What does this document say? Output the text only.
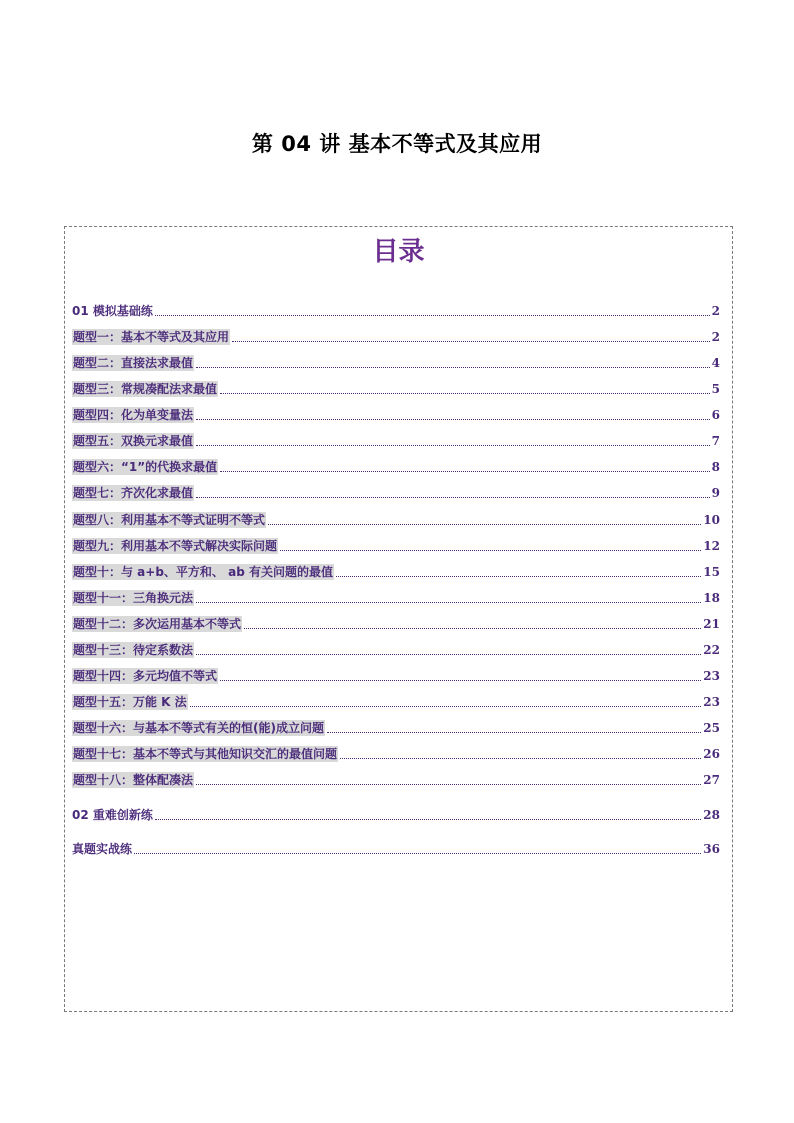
第 04 讲 基本不等式及其应用
目录
01 模拟基础练	2
题型一：基本不等式及其应用	2
题型二：直接法求最值	4
题型三：常规凑配法求最值	5
题型四：化为单变量法	6
题型五：双换元求最值	7
题型六：“1”的代换求最值	8
题型七：齐次化求最值	9
题型八：利用基本不等式证明不等式	10
题型九：利用基本不等式解决实际问题	12
题型十：与 a+b、平方和、 ab 有关问题的最值	15
题型十一：三角换元法	18
题型十二：多次运用基本不等式	21
题型十三：待定系数法	22
题型十四：多元均值不等式	23
题型十五：万能 K 法	23
题型十六：与基本不等式有关的恒(能)成立问题	25
题型十七：基本不等式与其他知识交汇的最值问题	26
题型十八：整体配凑法	27
02 重难创新练	28
真题实战练	36
